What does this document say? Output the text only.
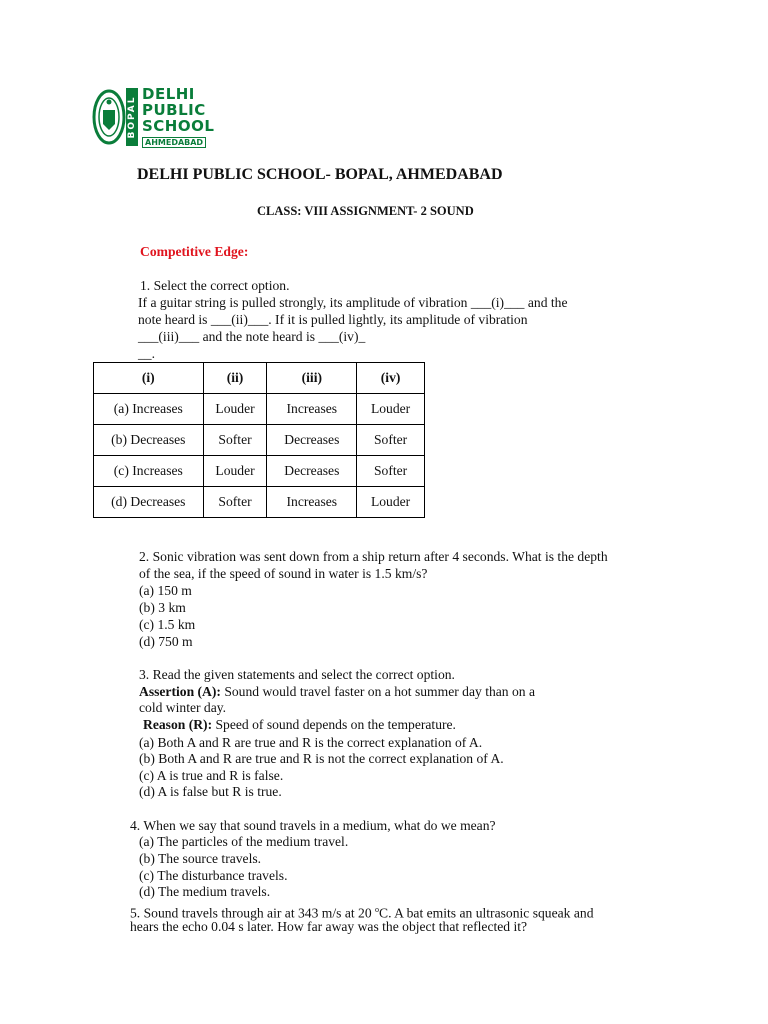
BOPAL
DELHI
PUBLIC
SCHOOL
AHMEDABAD
DELHI PUBLIC SCHOOL- BOPAL, AHMEDABAD
CLASS: VIII ASSIGNMENT- 2 SOUND
Competitive Edge:
1. Select the correct option.
If a guitar string is pulled strongly, its amplitude of vibration ___(i)___ and the
note heard is ___(ii)___. If it is pulled lightly, its amplitude of vibration
___(iii)___ and the note heard is ___(iv)_
__.
(i)	(ii)	(iii)	(iv)
(a) Increases	Louder	Increases	Louder
(b) Decreases	Softer	Decreases	Softer
(c) Increases	Louder	Decreases	Softer
(d) Decreases	Softer	Increases	Louder
2. Sonic vibration was sent down from a ship return after 4 seconds. What is the depth
of the sea, if the speed of sound in water is 1.5 km/s?
(a) 150 m
(b) 3 km
(c) 1.5 km
(d) 750 m
3. Read the given statements and select the correct option.
Assertion (A): Sound would travel faster on a hot summer day than on a
cold winter day.
Reason (R): Speed of sound depends on the temperature.
(a) Both A and R are true and R is the correct explanation of A.
(b) Both A and R are true and R is not the correct explanation of A.
(c) A is true and R is false.
(d) A is false but R is true.
4. When we say that sound travels in a medium, what do we mean?
(a) The particles of the medium travel.
(b) The source travels.
(c) The disturbance travels.
(d) The medium travels.
5. Sound travels through air at 343 m/s at 20 $^o$C. A bat emits an ultrasonic squeak and
hears the echo 0.04 s later. How far away was the object that reflected it?
